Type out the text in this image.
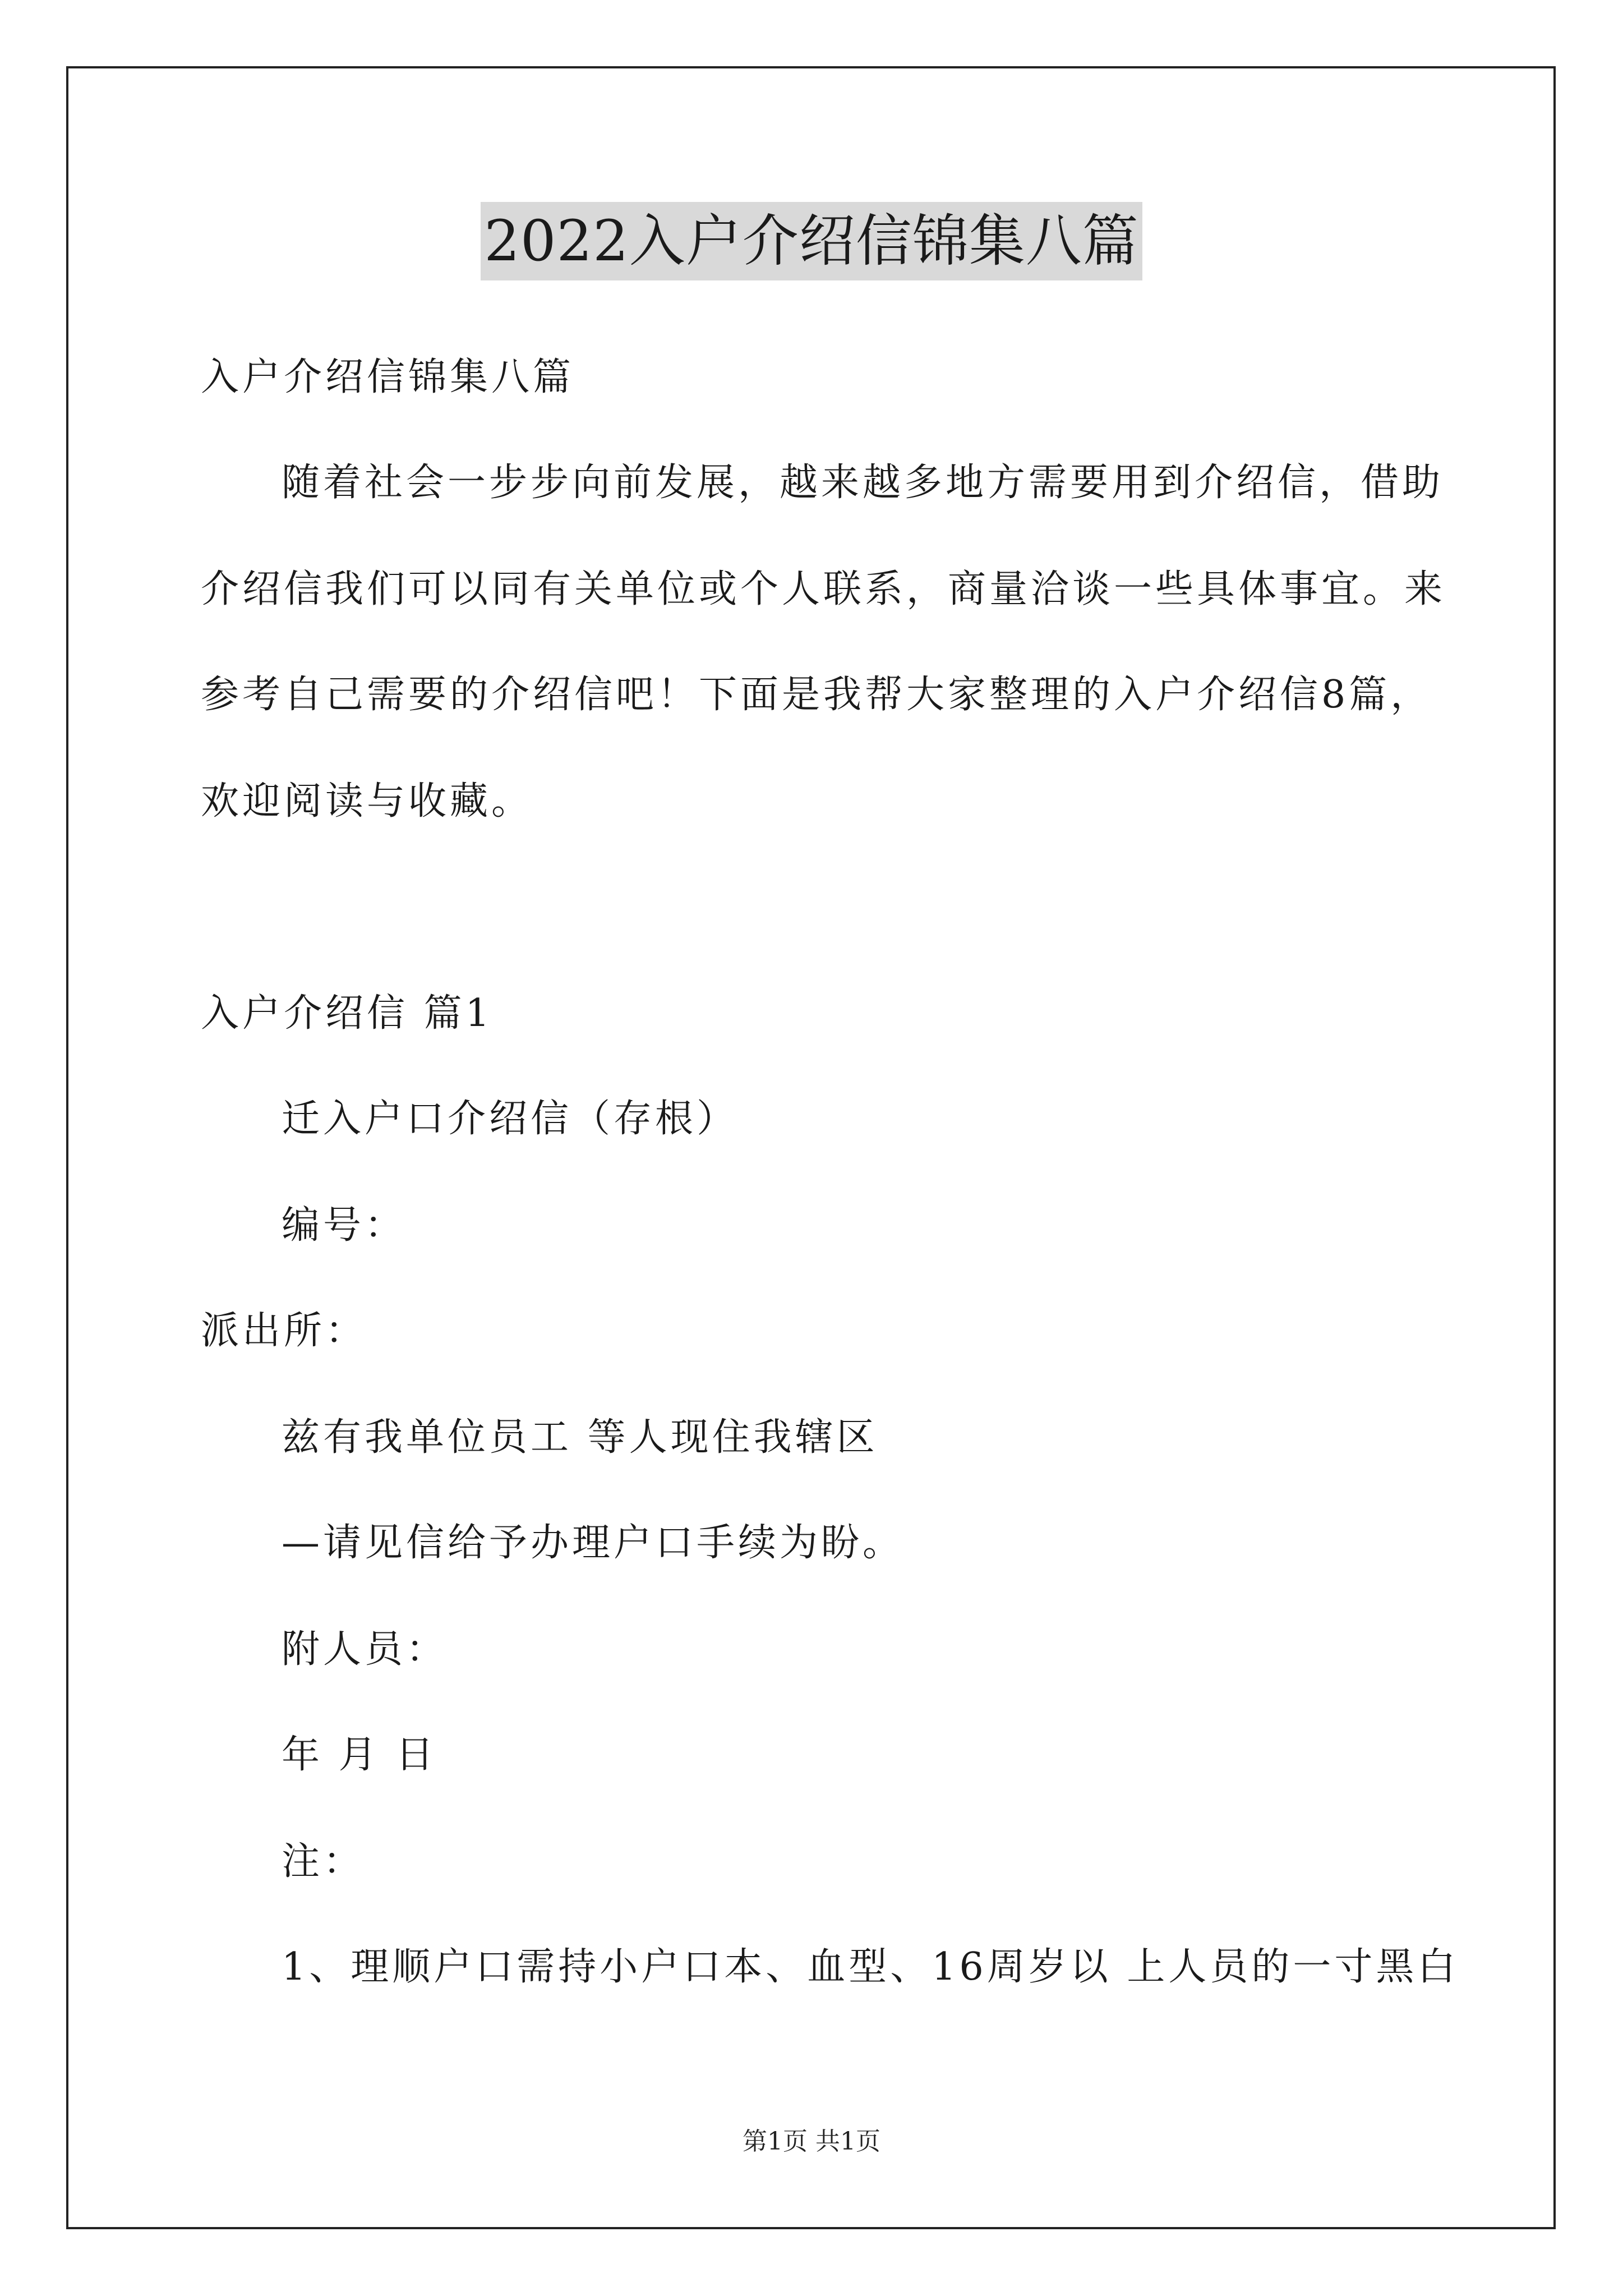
2022入户介绍信锦集八篇
入户介绍信锦集八篇
随着社会一步步向前发展，越来越多地方需要用到介绍信，借助
介绍信我们可以同有关单位或个人联系，商量洽谈一些具体事宜。来
参考自己需要的介绍信吧！下面是我帮大家整理的入户介绍信8篇，
欢迎阅读与收藏。
入户介绍信 篇1
迁入户口介绍信（存根）
编号：
派出所：
兹有我单位员工 等人现住我辖区
—请见信给予办理户口手续为盼。
附人员：
年 月 日
注：
1、理顺户口需持小户口本、血型、16周岁以 上人员的一寸黑白
第1页 共1页
